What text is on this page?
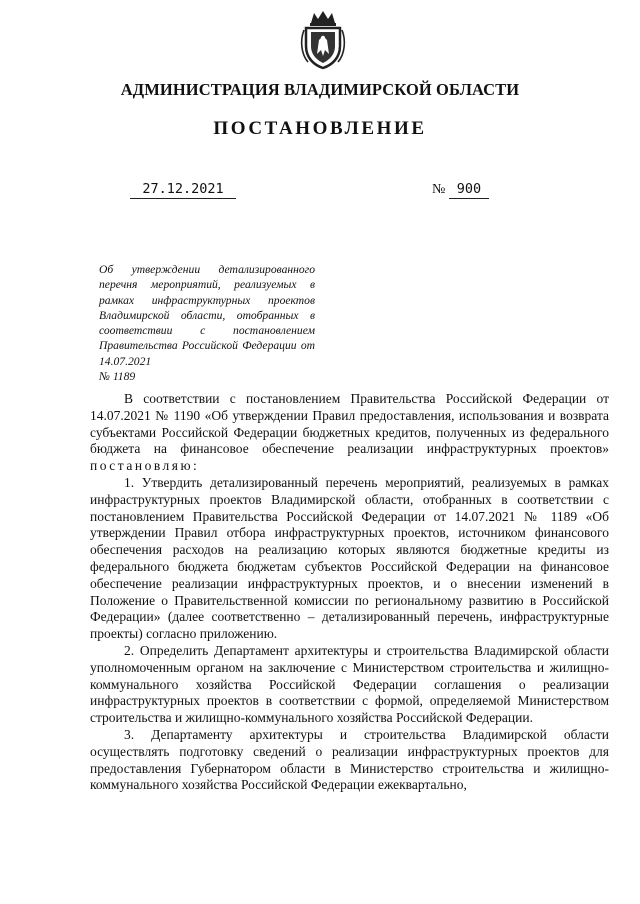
АДМИНИСТРАЦИЯ ВЛАДИМИРСКОЙ ОБЛАСТИ
ПОСТАНОВЛЕНИЕ
27.12.2021	№ 900
Об утверждении детализированного перечня мероприятий, реализуемых в рамках инфраструктурных проектов Владимирской области, отобранных в соответствии с постановлением Правительства Российской Федерации от 14.07.2021
№ 1189

В соответствии с постановлением Правительства Российской Федерации от 14.07.2021 № 1190 «Об утверждении Правил предоставления, использования и возврата субъектами Российской Федерации бюджетных кредитов, полученных из федерального бюджета на финансовое обеспечение реализации инфраструктурных проектов» постановляю:

1. Утвердить детализированный перечень мероприятий, реализуемых в рамках инфраструктурных проектов Владимирской области, отобранных в соответствии с постановлением Правительства Российской Федерации от 14.07.2021 № 1189 «Об утверждении Правил отбора инфраструктурных проектов, источником финансового обеспечения расходов на реализацию которых являются бюджетные кредиты из федерального бюджета бюджетам субъектов Российской Федерации на финансовое обеспечение реализации инфраструктурных проектов, и о внесении изменений в Положение о Правительственной комиссии по региональному развитию в Российской Федерации» (далее соответственно – детализированный перечень, инфраструктурные проекты) согласно приложению.

2. Определить Департамент архитектуры и строительства Владимирской области уполномоченным органом на заключение с Министерством строительства и жилищно-коммунального хозяйства Российской Федерации соглашения о реализации инфраструктурных проектов в соответствии с формой, определяемой Министерством строительства и жилищно-коммунального хозяйства Российской Федерации.

3. Департаменту архитектуры и строительства Владимирской области осуществлять подготовку сведений о реализации инфраструктурных проектов для предоставления Губернатором области в Министерство строительства и жилищно-коммунального хозяйства Российской Федерации ежеквартально,
